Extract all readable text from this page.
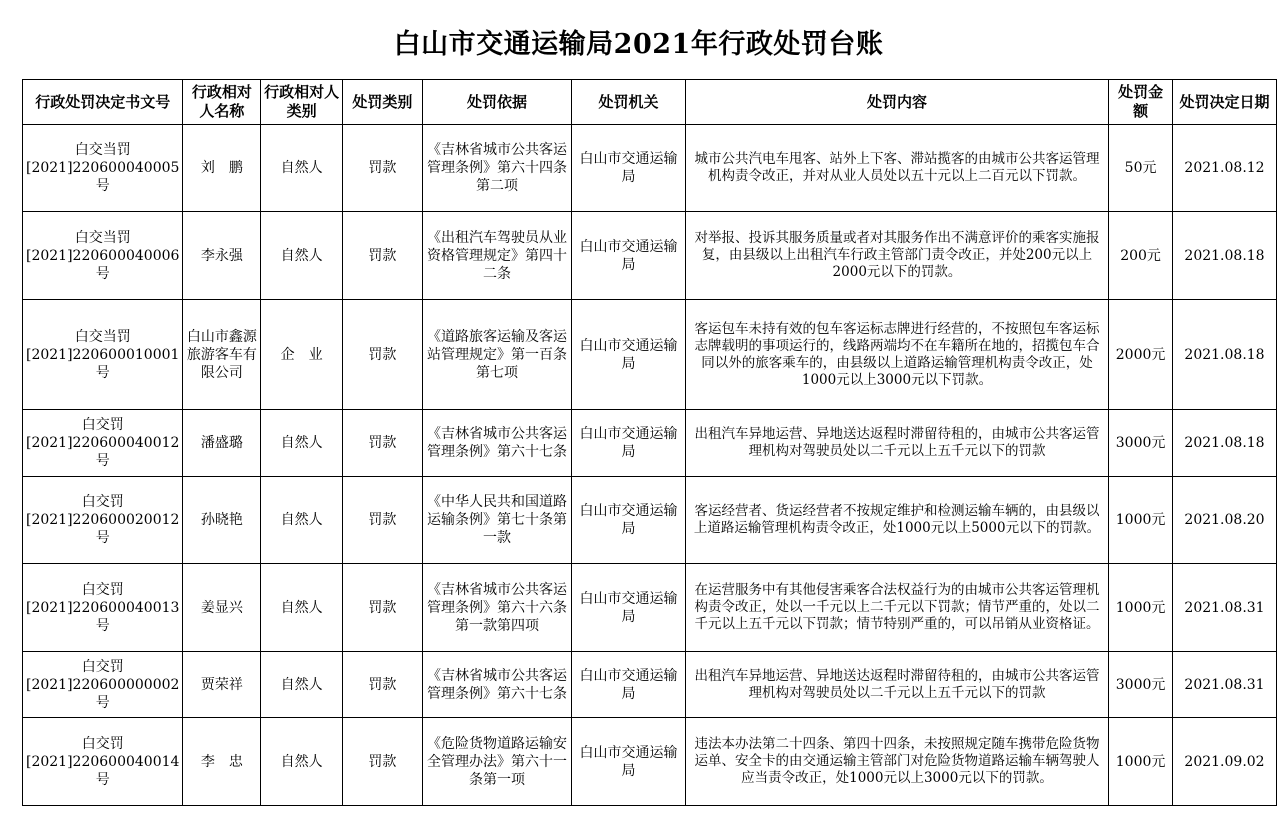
白山市交通运输局2021年行政处罚台账
行政处罚决定书文号	行政相对人名称	行政相对人类别	处罚类别	处罚依据	处罚机关	处罚内容	处罚金额	处罚决定日期
白交当罚[2021]220600040005号	刘　鹏	自然人	罚款	《吉林省城市公共客运管理条例》第六十四条第二项	白山市交通运输局	城市公共汽电车甩客、站外上下客、滞站揽客的由城市公共客运管理机构责令改正，并对从业人员处以五十元以上二百元以下罚款。	50元	2021.08.12
白交当罚[2021]220600040006号	李永强	自然人	罚款	《出租汽车驾驶员从业资格管理规定》第四十二条	白山市交通运输局	对举报、投诉其服务质量或者对其服务作出不满意评价的乘客实施报复，由县级以上出租汽车行政主管部门责令改正，并处200元以上2000元以下的罚款。	200元	2021.08.18
白交当罚[2021]220600010001号	白山市鑫源旅游客车有限公司	企　业	罚款	《道路旅客运输及客运站管理规定》第一百条第七项	白山市交通运输局	客运包车未持有效的包车客运标志牌进行经营的，不按照包车客运标志牌载明的事项运行的，线路两端均不在车籍所在地的，招揽包车合同以外的旅客乘车的，由县级以上道路运输管理机构责令改正，处1000元以上3000元以下罚款。	2000元	2021.08.18
白交罚[2021]220600040012号	潘盛璐	自然人	罚款	《吉林省城市公共客运管理条例》第六十七条	白山市交通运输局	出租汽车异地运营、异地送达返程时滞留待租的，由城市公共客运管理机构对驾驶员处以二千元以上五千元以下的罚款	3000元	2021.08.18
白交罚[2021]220600020012号	孙晓艳	自然人	罚款	《中华人民共和国道路运输条例》第七十条第一款	白山市交通运输局	客运经营者、货运经营者不按规定维护和检测运输车辆的，由县级以上道路运输管理机构责令改正，处1000元以上5000元以下的罚款。	1000元	2021.08.20
白交罚[2021]220600040013号	姜显兴	自然人	罚款	《吉林省城市公共客运管理条例》第六十六条第一款第四项	白山市交通运输局	在运营服务中有其他侵害乘客合法权益行为的由城市公共客运管理机构责令改正，处以一千元以上二千元以下罚款；情节严重的，处以二千元以上五千元以下罚款；情节特别严重的，可以吊销从业资格证。	1000元	2021.08.31
白交罚[2021]220600000002号	贾荣祥	自然人	罚款	《吉林省城市公共客运管理条例》第六十七条	白山市交通运输局	出租汽车异地运营、异地送达返程时滞留待租的，由城市公共客运管理机构对驾驶员处以二千元以上五千元以下的罚款	3000元	2021.08.31
白交罚[2021]220600040014号	李　忠	自然人	罚款	《危险货物道路运输安全管理办法》第六十一条第一项	白山市交通运输局	违法本办法第二十四条、第四十四条，未按照规定随车携带危险货物运单、安全卡的由交通运输主管部门对危险货物道路运输车辆驾驶人应当责令改正，处1000元以上3000元以下的罚款。	1000元	2021.09.02
